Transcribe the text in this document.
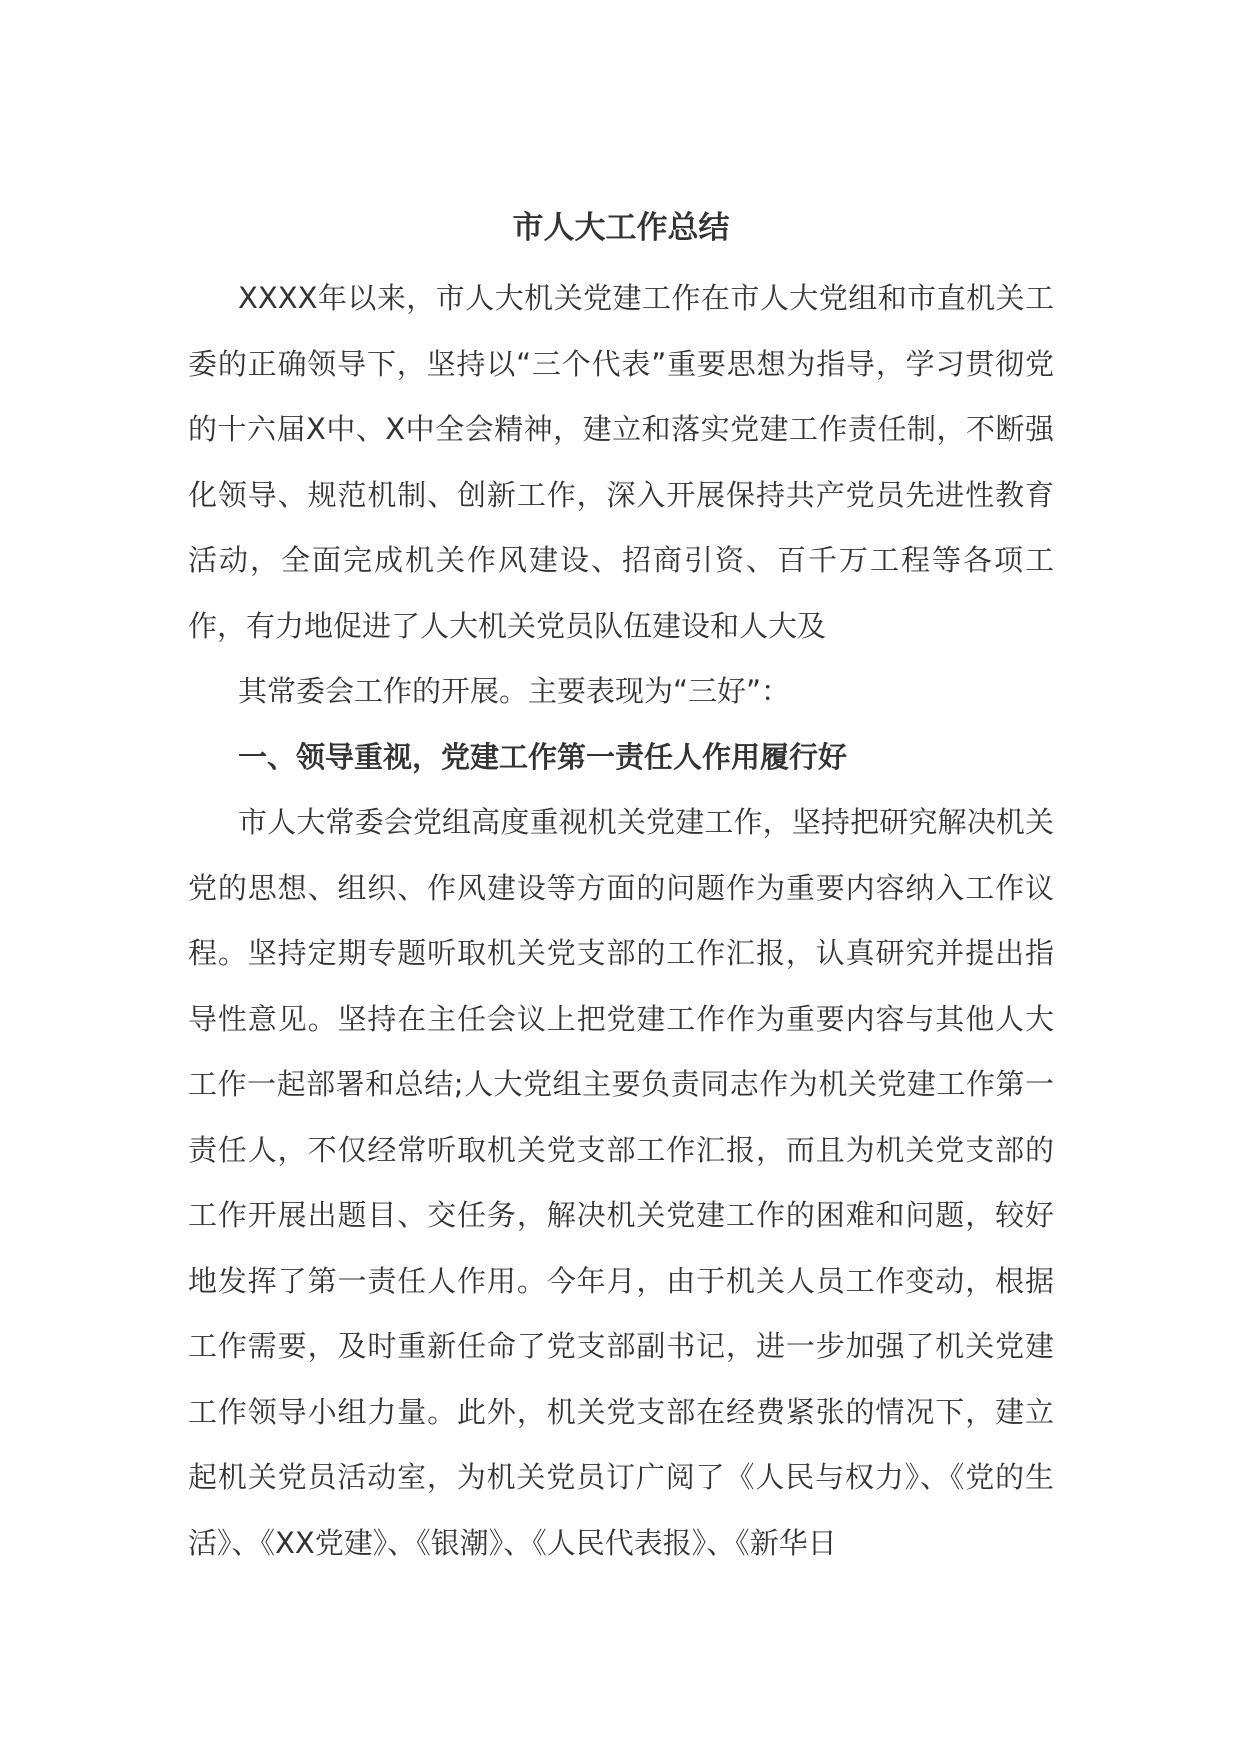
市人大工作总结

XXXX年以来，市人大机关党建工作在市人大党组和市直机关工委的正确领导下，坚持以“三个代表”重要思想为指导，学习贯彻党的十六届X中、X中全会精神，建立和落实党建工作责任制，不断强化领导、规范机制、创新工作，深入开展保持共产党员先进性教育活动，全面完成机关作风建设、招商引资、百千万工程等各项工作，有力地促进了人大机关党员队伍建设和人大及

其常委会工作的开展。主要表现为“三好”：

一、领导重视，党建工作第一责任人作用履行好

市人大常委会党组高度重视机关党建工作，坚持把研究解决机关党的思想、组织、作风建设等方面的问题作为重要内容纳入工作议程。坚持定期专题听取机关党支部的工作汇报，认真研究并提出指导性意见。坚持在主任会议上把党建工作作为重要内容与其他人大工作一起部署和总结;人大党组主要负责同志作为机关党建工作第一责任人，不仅经常听取机关党支部工作汇报，而且为机关党支部的工作开展出题目、交任务，解决机关党建工作的困难和问题，较好地发挥了第一责任人作用。今年月，由于机关人员工作变动，根据工作需要，及时重新任命了党支部副书记，进一步加强了机关党建工作领导小组力量。此外，机关党支部在经费紧张的情况下，建立起机关党员活动室，为机关党员订广阅了《人民与权力》、《党的生活》、《XX党建》、《银潮》、《人民代表报》、《新华日
